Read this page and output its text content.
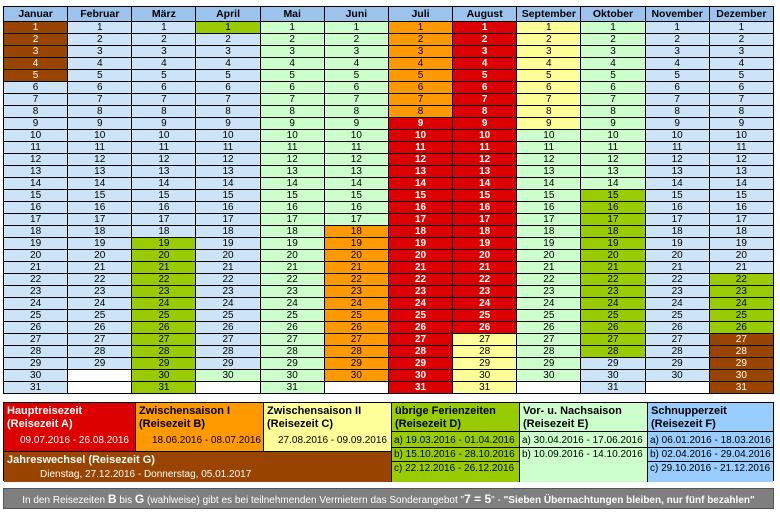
Januar	Februar	März	April	Mai	Juni	Juli	August	September	Oktober	November	Dezember
1	1	1	1	1	1	1	1	1	1	1	1
2	2	2	2	2	2	2	2	2	2	2	2
3	3	3	3	3	3	3	3	3	3	3	3
4	4	4	4	4	4	4	4	4	4	4	4
5	5	5	5	5	5	5	5	5	5	5	5
6	6	6	6	6	6	6	6	6	6	6	6
7	7	7	7	7	7	7	7	7	7	7	7
8	8	8	8	8	8	8	8	8	8	8	8
9	9	9	9	9	9	9	9	9	9	9	9
10	10	10	10	10	10	10	10	10	10	10	10
11	11	11	11	11	11	11	11	11	11	11	11
12	12	12	12	12	12	12	12	12	12	12	12
13	13	13	13	13	13	13	13	13	13	13	13
14	14	14	14	14	14	14	14	14	14	14	14
15	15	15	15	15	15	15	15	15	15	15	15
16	16	16	16	16	16	16	16	16	16	16	16
17	17	17	17	17	17	17	17	17	17	17	17
18	18	18	18	18	18	18	18	18	18	18	18
19	19	19	19	19	19	19	19	19	19	19	19
20	20	20	20	20	20	20	20	20	20	20	20
21	21	21	21	21	21	21	21	21	21	21	21
22	22	22	22	22	22	22	22	22	22	22	22
23	23	23	23	23	23	23	23	23	23	23	23
24	24	24	24	24	24	24	24	24	24	24	24
25	25	25	25	25	25	25	25	25	25	25	25
26	26	26	26	26	26	26	26	26	26	26	26
27	27	27	27	27	27	27	27	27	27	27	27
28	28	28	28	28	28	28	28	28	28	28	28
29	29	29	29	29	29	29	29	29	29	29	29
30		30	30	30	30	30	30	30	30	30	30
31		31		31		31	31		31		31
Hauptreisezeit
(Reisezeit A)
09.07.2016 - 26.08.2016
Zwischensaison I
(Reisezeit B)
18.06.2016 - 08.07.2016
Zwischensaison II
(Reisezeit C)
27.08.2016 - 09.09.2016
Jahreswechsel (Reisezeit G)
Dienstag, 27.12.2016 - Donnerstag, 05.01.2017
übrige Ferienzeiten
(Reisezeit D)
a) 19.03.2016 - 01.04.2016
b) 15.10.2016 - 28.10.2016
c) 22.12.2016 - 26.12.2016
Vor- u. Nachsaison
(Reisezeit E)
a) 30.04.2016 - 17.06.2016
b) 10.09.2016 - 14.10.2016
Schnupperzeit
(Reisezeit F)
a) 06.01.2016 - 18.03.2016
b) 02.04.2016 - 29.04.2016
c) 29.10.2016 - 21.12.2016
In den Reisezeiten B bis G (wahlweise) gibt es bei teilnehmenden Vermietern das Sonderangebot "7 = 5" - "Sieben Übernachtungen bleiben, nur fünf bezahlen"
